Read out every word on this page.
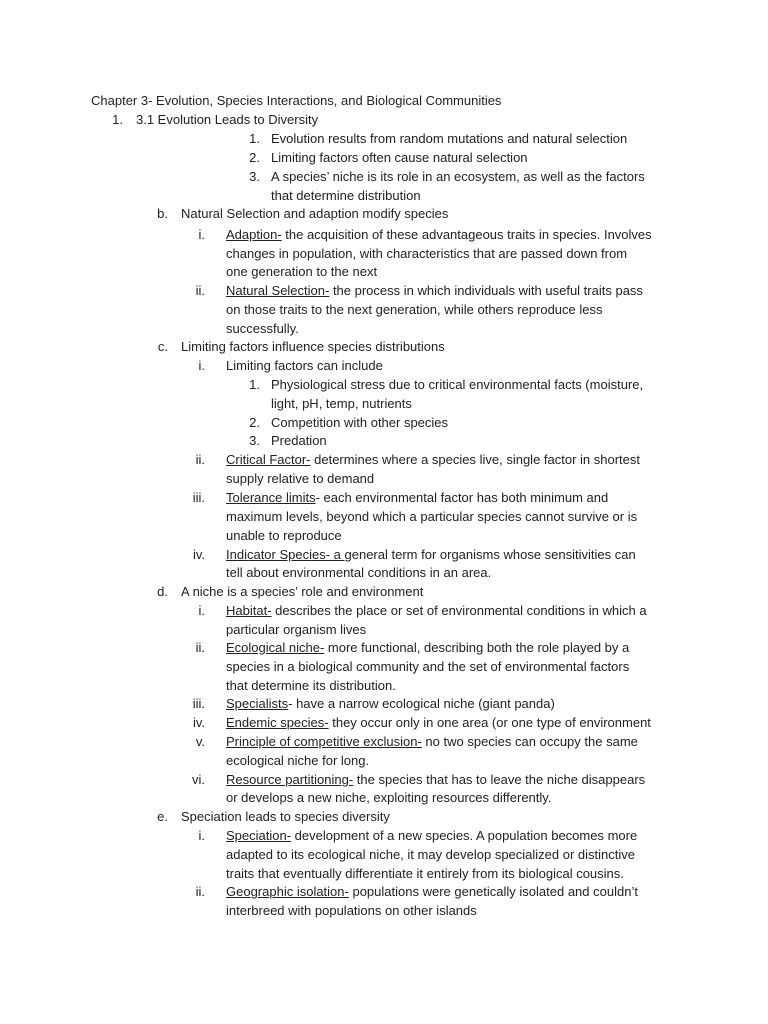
Chapter 3- Evolution, Species Interactions, and Biological Communities
1. 3.1 Evolution Leads to Diversity
1. Evolution results from random mutations and natural selection
2. Limiting factors often cause natural selection
3. A species’ niche is its role in an ecosystem, as well as the factors
that determine distribution
b. Natural Selection and adaption modify species
i. Adaption- the acquisition of these advantageous traits in species. Involves
changes in population, with characteristics that are passed down from
one generation to the next
ii. Natural Selection- the process in which individuals with useful traits pass
on those traits to the next generation, while others reproduce less
successfully.
c. Limiting factors influence species distributions
i. Limiting factors can include
1. Physiological stress due to critical environmental facts (moisture,
light, pH, temp, nutrients
2. Competition with other species
3. Predation
ii. Critical Factor- determines where a species live, single factor in shortest
supply relative to demand
iii. Tolerance limits- each environmental factor has both minimum and
maximum levels, beyond which a particular species cannot survive or is
unable to reproduce
iv. Indicator Species- a general term for organisms whose sensitivities can
tell about environmental conditions in an area.
d. A niche is a species’ role and environment
i. Habitat- describes the place or set of environmental conditions in which a
particular organism lives
ii. Ecological niche- more functional, describing both the role played by a
species in a biological community and the set of environmental factors
that determine its distribution.
iii. Specialists- have a narrow ecological niche (giant panda)
iv. Endemic species- they occur only in one area (or one type of environment
v. Principle of competitive exclusion- no two species can occupy the same
ecological niche for long.
vi. Resource partitioning- the species that has to leave the niche disappears
or develops a new niche, exploiting resources differently.
e. Speciation leads to species diversity
i. Speciation- development of a new species. A population becomes more
adapted to its ecological niche, it may develop specialized or distinctive
traits that eventually differentiate it entirely from its biological cousins.
ii. Geographic isolation- populations were genetically isolated and couldn’t
interbreed with populations on other islands
